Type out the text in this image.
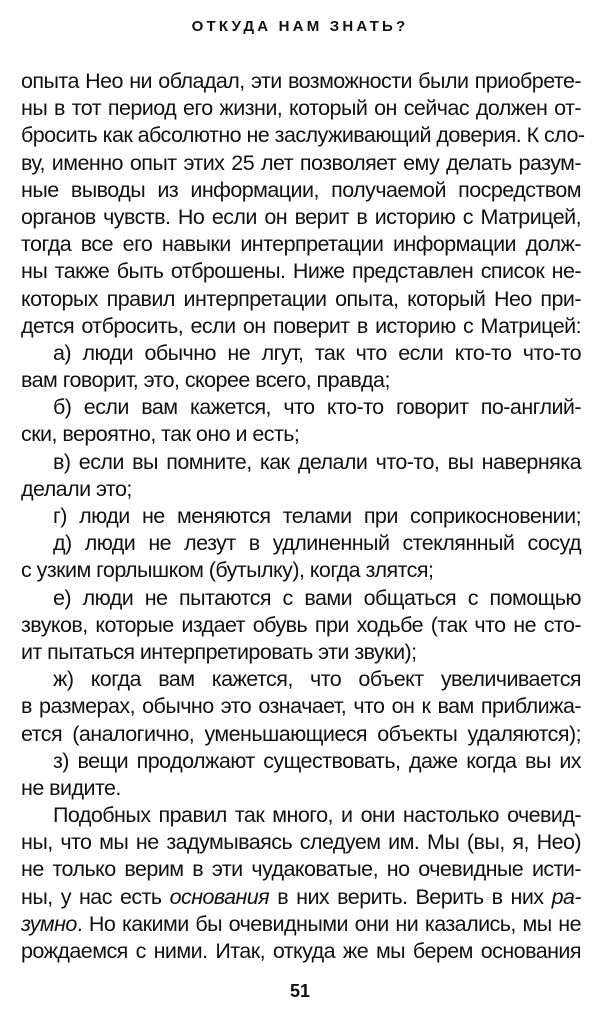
ОТКУДА НАМ ЗНАТЬ?
опыта Нео ни обладал, эти возможности были приобрете-
ны в тот период его жизни, который он сейчас должен от-
бросить как абсолютно не заслуживающий доверия. К сло-
ву, именно опыт этих 25 лет позволяет ему делать разум-
ные выводы из информации, получаемой посредством
органов чувств. Но если он верит в историю с Матрицей,
тогда все его навыки интерпретации информации долж-
ны также быть отброшены. Ниже представлен список не-
которых правил интерпретации опыта, который Нео при-
дется отбросить, если он поверит в историю с Матрицей:
а) люди обычно не лгут, так что если кто-то что-то
вам говорит, это, скорее всего, правда;
б) если вам кажется, что кто-то говорит по-англий-
ски, вероятно, так оно и есть;
в) если вы помните, как делали что-то, вы наверняка
делали это;
г) люди не меняются телами при соприкосновении;
д) люди не лезут в удлиненный стеклянный сосуд
с узким горлышком (бутылку), когда злятся;
е) люди не пытаются с вами общаться с помощью
звуков, которые издает обувь при ходьбе (так что не сто-
ит пытаться интерпретировать эти звуки);
ж) когда вам кажется, что объект увеличивается
в размерах, обычно это означает, что он к вам приближа-
ется (аналогично, уменьшающиеся объекты удаляются);
з) вещи продолжают существовать, даже когда вы их
не видите.
Подобных правил так много, и они настолько очевид-
ны, что мы не задумываясь следуем им. Мы (вы, я, Нео)
не только верим в эти чудаковатые, но очевидные исти-
ны, у нас есть основания в них верить. Верить в них ра-
зумно. Но какими бы очевидными они ни казались, мы не
рождаемся с ними. Итак, откуда же мы берем основания
51
